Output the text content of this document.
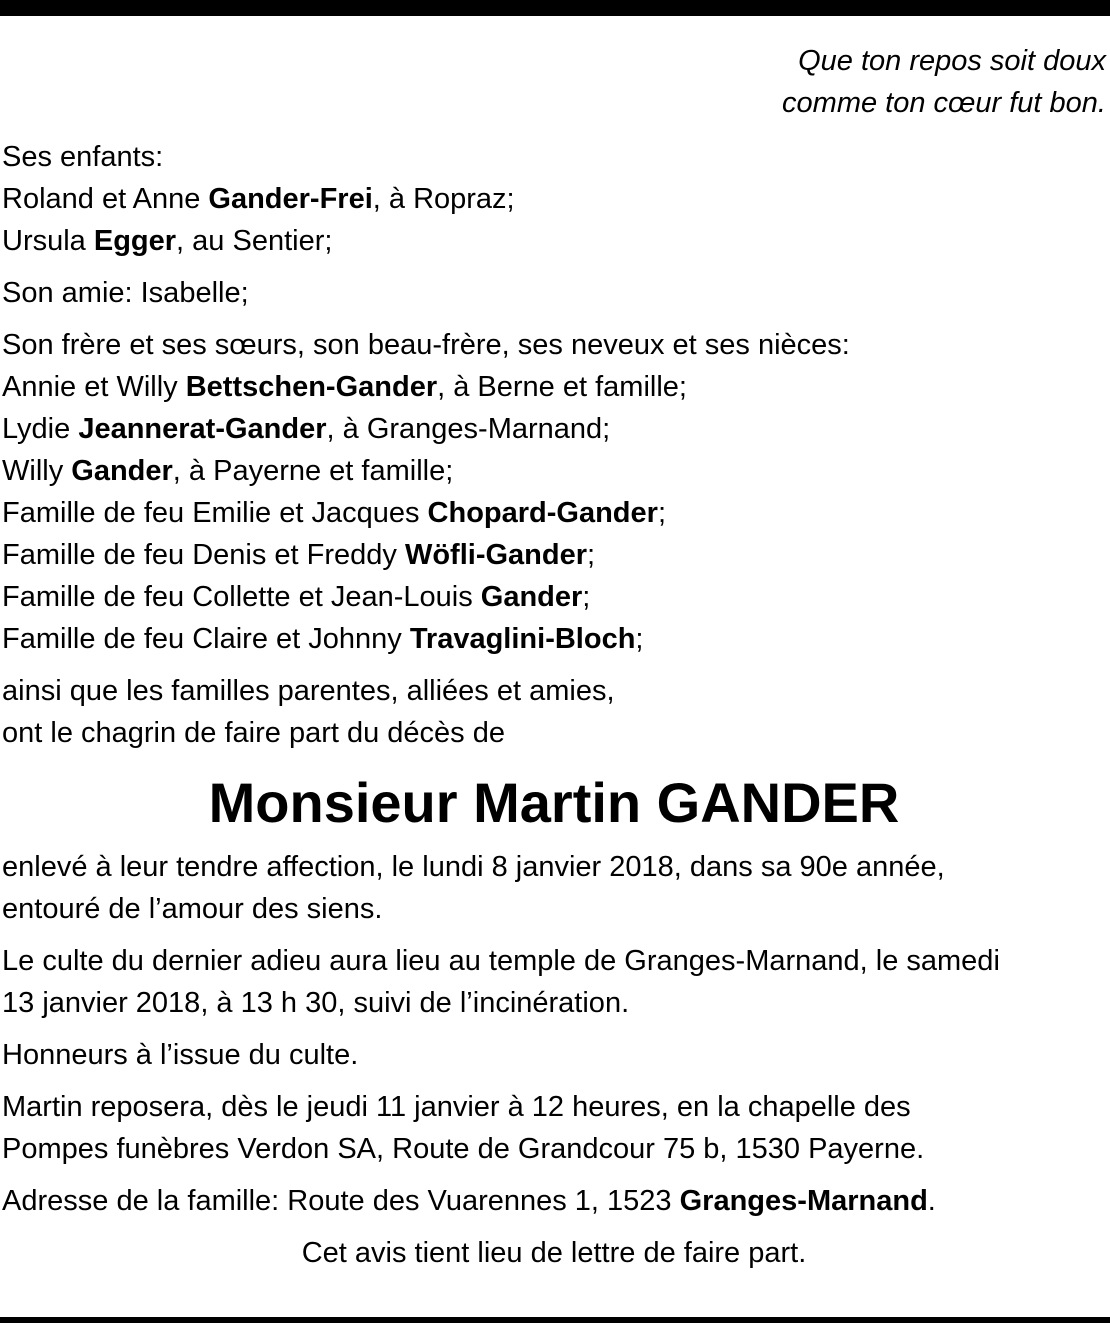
Que ton repos soit doux
comme ton cœur fut bon.
Ses enfants:
Roland et Anne Gander-Frei, à Ropraz;
Ursula Egger, au Sentier;
Son amie: Isabelle;
Son frère et ses sœurs, son beau-frère, ses neveux et ses nièces:
Annie et Willy Bettschen-Gander, à Berne et famille;
Lydie Jeannerat-Gander, à Granges-Marnand;
Willy Gander, à Payerne et famille;
Famille de feu Emilie et Jacques Chopard-Gander;
Famille de feu Denis et Freddy Wöfli-Gander;
Famille de feu Collette et Jean-Louis Gander;
Famille de feu Claire et Johnny Travaglini-Bloch;
ainsi que les familles parentes, alliées et amies,
ont le chagrin de faire part du décès de
Monsieur Martin GANDER
enlevé à leur tendre affection, le lundi 8 janvier 2018, dans sa 90e année,
entouré de l’amour des siens.
Le culte du dernier adieu aura lieu au temple de Granges-Marnand, le samedi
13 janvier 2018, à 13 h 30, suivi de l’incinération.
Honneurs à l’issue du culte.
Martin reposera, dès le jeudi 11 janvier à 12 heures, en la chapelle des
Pompes funèbres Verdon SA, Route de Grandcour 75 b, 1530 Payerne.
Adresse de la famille: Route des Vuarennes 1, 1523 Granges-Marnand.
Cet avis tient lieu de lettre de faire part.
